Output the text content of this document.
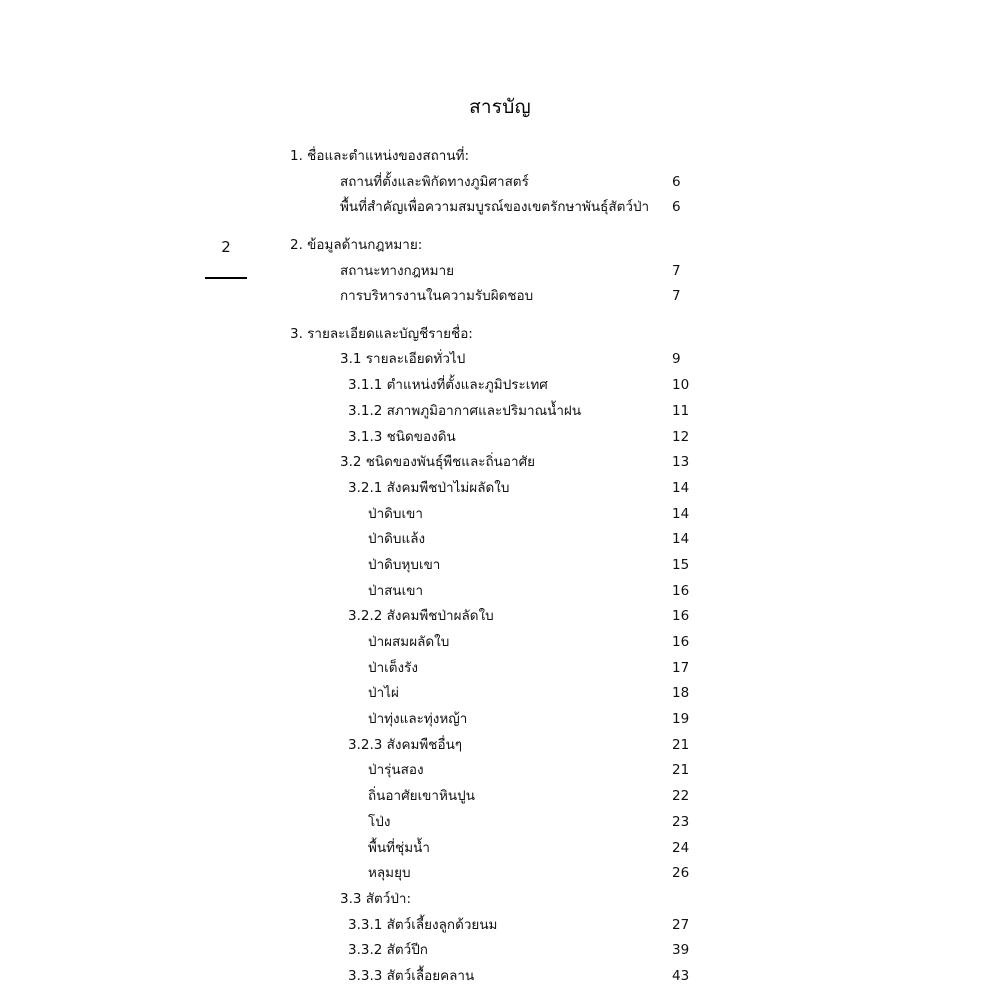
2
สารบัญ
1. ชื่อและตำแหน่งของสถานที่:
สถานที่ตั้งและพิกัดทางภูมิศาสตร์	6
พื้นที่สำคัญเพื่อความสมบูรณ์ของเขตรักษาพันธุ์สัตว์ป่า	6
2. ข้อมูลด้านกฎหมาย:
สถานะทางกฎหมาย	7
การบริหารงานในความรับผิดชอบ	7
3. รายละเอียดและบัญชีรายชื่อ:
3.1 รายละเอียดทั่วไป	9
3.1.1 ตำแหน่งที่ตั้งและภูมิประเทศ	10
3.1.2 สภาพภูมิอากาศและปริมาณน้ำฝน	11
3.1.3 ชนิดของดิน	12
3.2 ชนิดของพันธุ์พืชและถิ่นอาศัย	13
3.2.1 สังคมพืชป่าไม่ผลัดใบ	14
ป่าดิบเขา	14
ป่าดิบแล้ง	14
ป่าดิบหุบเขา	15
ป่าสนเขา	16
3.2.2 สังคมพืชป่าผลัดใบ	16
ป่าผสมผลัดใบ	16
ป่าเต็งรัง	17
ป่าไผ่	18
ป่าทุ่งและทุ่งหญ้า	19
3.2.3 สังคมพืชอื่นๆ	21
ป่ารุ่นสอง	21
ถิ่นอาศัยเขาหินปูน	22
โป่ง	23
พื้นที่ชุ่มน้ำ	24
หลุมยุบ	26
3.3 สัตว์ป่า:
3.3.1 สัตว์เลี้ยงลูกด้วยนม	27
3.3.2 สัตว์ปีก	39
3.3.3 สัตว์เลื้อยคลาน	43
